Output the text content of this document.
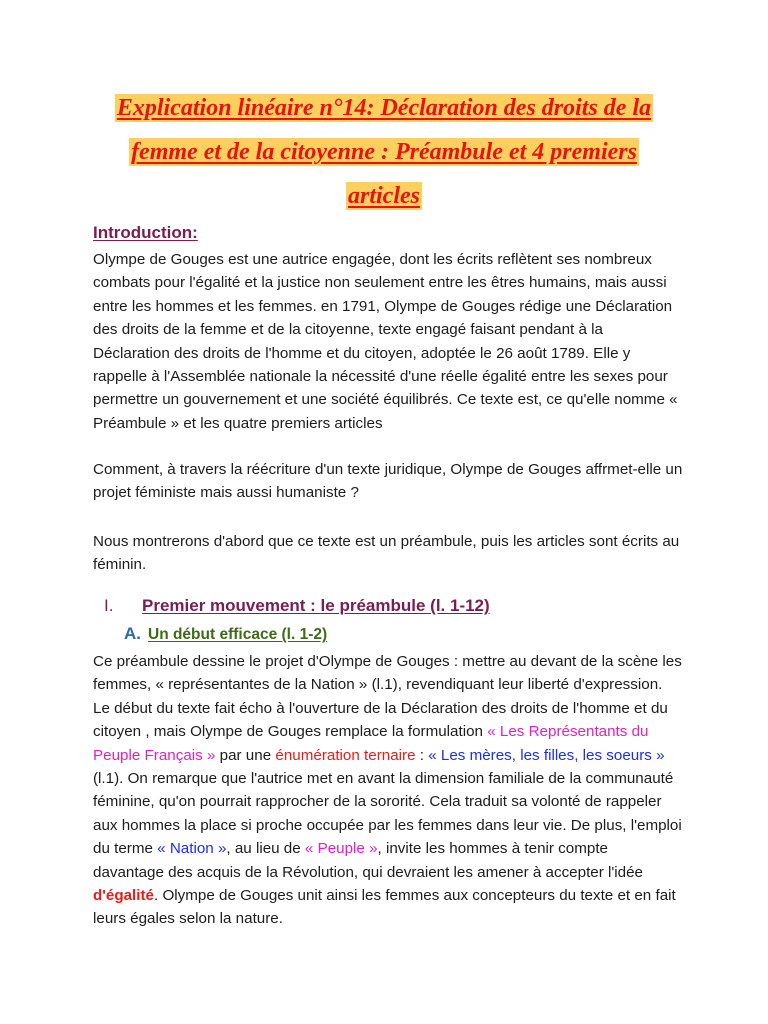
Explication linéaire n°14: Déclaration des droits de la
femme et de la citoyenne : Préambule et 4 premiers
articles
Introduction:
Olympe de Gouges est une autrice engagée, dont les écrits reflètent ses nombreux combats pour l'égalité et la justice non seulement entre les êtres humains, mais aussi entre les hommes et les femmes. en 1791, Olympe de Gouges rédige une Déclaration des droits de la femme et de la citoyenne, texte engagé faisant pendant à la Déclaration des droits de l'homme et du citoyen, adoptée le 26 août 1789. Elle y rappelle à l'Assemblée nationale la nécessité d'une réelle égalité entre les sexes pour permettre un gouvernement et une société équilibrés. Ce texte est, ce qu'elle nomme « Préambule » et les quatre premiers articles
Comment, à travers la réécriture d'un texte juridique, Olympe de Gouges affrmet-elle un projet féministe mais aussi humaniste ?
Nous montrerons d'abord que ce texte est un préambule, puis les articles sont écrits au féminin.
I. Premier mouvement : le préambule (l. 1-12)
A. Un début efficace (l. 1-2)
Ce préambule dessine le projet d'Olympe de Gouges : mettre au devant de la scène les femmes, « représentantes de la Nation » (l.1), revendiquant leur liberté d'expression. Le début du texte fait écho à l'ouverture de la Déclaration des droits de l'homme et du citoyen , mais Olympe de Gouges remplace la formulation « Les Représentants du Peuple Français » par une énumération ternaire : « Les mères, les filles, les soeurs » (l.1). On remarque que l'autrice met en avant la dimension familiale de la communauté féminine, qu'on pourrait rapprocher de la sororité. Cela traduit sa volonté de rappeler aux hommes la place si proche occupée par les femmes dans leur vie. De plus, l'emploi du terme « Nation », au lieu de « Peuple », invite les hommes à tenir compte davantage des acquis de la Révolution, qui devraient les amener à accepter l'idée d'égalité. Olympe de Gouges unit ainsi les femmes aux concepteurs du texte et en fait leurs égales selon la nature.
